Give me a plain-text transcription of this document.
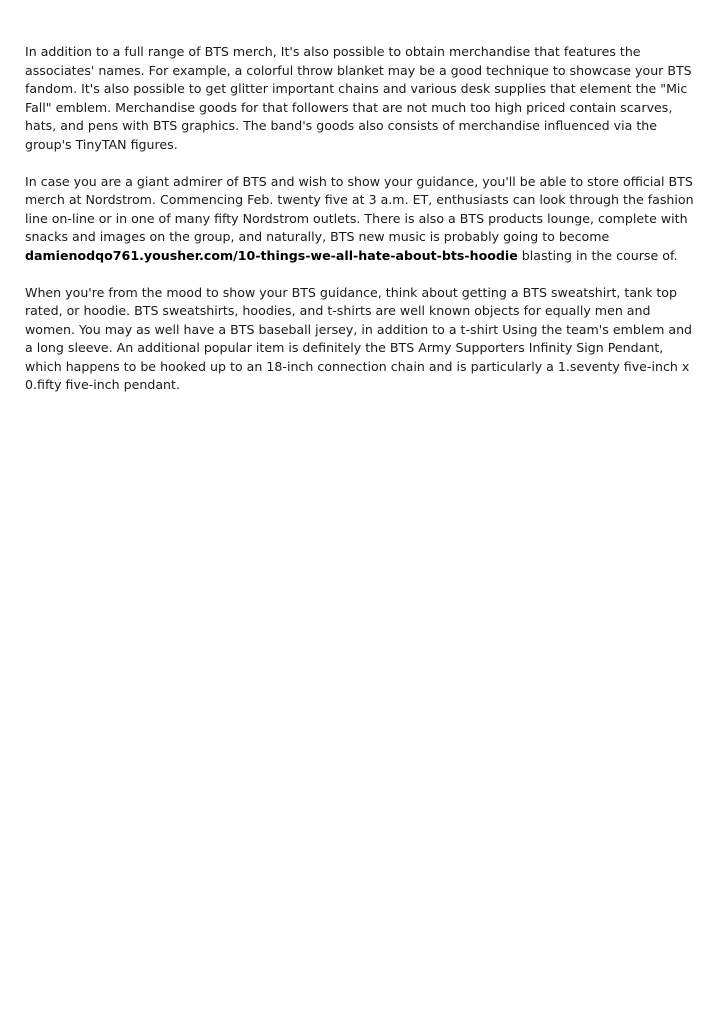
In addition to a full range of BTS merch, It's also possible to obtain merchandise that features the associates' names. For example, a colorful throw blanket may be a good technique to showcase your BTS fandom. It's also possible to get glitter important chains and various desk supplies that element the "Mic Fall" emblem. Merchandise goods for that followers that are not much too high priced contain scarves, hats, and pens with BTS graphics. The band's goods also consists of merchandise influenced via the group's TinyTAN figures.

In case you are a giant admirer of BTS and wish to show your guidance, you'll be able to store official BTS merch at Nordstrom. Commencing Feb. twenty five at 3 a.m. ET, enthusiasts can look through the fashion line on-line or in one of many fifty Nordstrom outlets. There is also a BTS products lounge, complete with snacks and images on the group, and naturally, BTS new music is probably going to become damienodqo761.yousher.com/10-things-we-all-hate-about-bts-hoodie blasting in the course of.

When you're from the mood to show your BTS guidance, think about getting a BTS sweatshirt, tank top rated, or hoodie. BTS sweatshirts, hoodies, and t-shirts are well known objects for equally men and women. You may as well have a BTS baseball jersey, in addition to a t-shirt Using the team's emblem and a long sleeve. An additional popular item is definitely the BTS Army Supporters Infinity Sign Pendant, which happens to be hooked up to an 18-inch connection chain and is particularly a 1.seventy five-inch x 0.fifty five-inch pendant.
